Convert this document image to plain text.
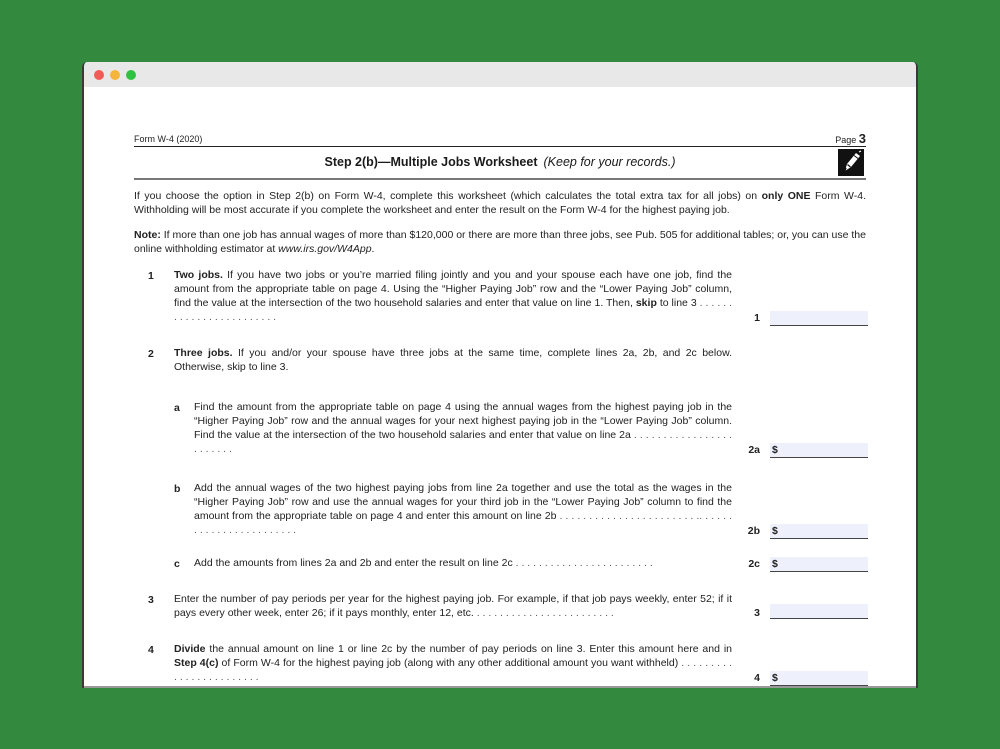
Form W-4 (2020)	Page 3
Step 2(b)—Multiple Jobs Worksheet (Keep for your records.)
If you choose the option in Step 2(b) on Form W-4, complete this worksheet (which calculates the total extra tax for all jobs) on only ONE Form W-4. Withholding will be most accurate if you complete the worksheet and enter the result on the Form W-4 for the highest paying job.
Note: If more than one job has annual wages of more than $120,000 or there are more than three jobs, see Pub. 505 for additional tables; or, you can use the online withholding estimator at www.irs.gov/W4App.
1 Two jobs. If you have two jobs or you’re married filing jointly and you and your spouse each have one job, find the amount from the appropriate table on page 4. Using the “Higher Paying Job” row and the “Lower Paying Job” column, find the value at the intersection of the two household salaries and enter that value on line 1. Then, skip to line 3 . . . . . . . . . . . . . . . . . . . . . . . .	1
2 Three jobs. If you and/or your spouse have three jobs at the same time, complete lines 2a, 2b, and 2c below. Otherwise, skip to line 3.
a Find the amount from the appropriate table on page 4 using the annual wages from the highest paying job in the “Higher Paying Job” row and the annual wages for your next highest paying job in the “Lower Paying Job” column. Find the value at the intersection of the two household salaries and enter that value on line 2a . . . . . . . . . . . . . . . . . . . . . . . .	2a $
b Add the annual wages of the two highest paying jobs from line 2a together and use the total as the wages in the “Higher Paying Job” row and use the annual wages for your third job in the “Lower Paying Job” column to find the amount from the appropriate table on page 4 and enter this amount on line 2b . . . . . . . . . . . . . . . . . . . . . . . .. . . . . . . . . . . . . . . . . . . . . . . .	2b $
c Add the amounts from lines 2a and 2b and enter the result on line 2c . . . . . . . . . . . . . . . . . . . . . . . .	2c $
3 Enter the number of pay periods per year for the highest paying job. For example, if that job pays weekly, enter 52; if it pays every other week, enter 26; if it pays monthly, enter 12, etc. . . . . . . . . . . . . . . . . . . . . . . . .	3
4 Divide the annual amount on line 1 or line 2c by the number of pay periods on line 3. Enter this amount here and in Step 4(c) of Form W-4 for the highest paying job (along with any other additional amount you want withheld) . . . . . . . . . . . . . . . . . . . . . . . .	4 $
